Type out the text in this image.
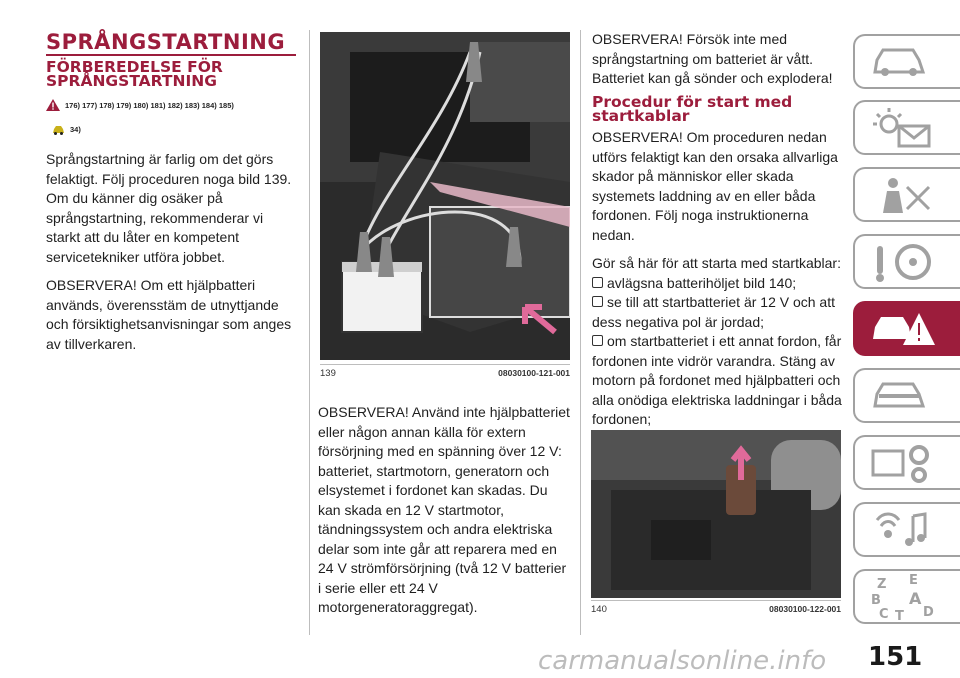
SPRÅNGSTARTNING
FÖRBEREDELSE FÖR
SPRÅNGSTARTNING
176) 177) 178) 179) 180) 181) 182) 183) 184) 185)
34)

Språngstartning är farlig om det görs felaktigt. Följ proceduren noga bild 139. Om du känner dig osäker på språngstartning, rekommenderar vi starkt att du låter en kompetent servicetekniker utföra jobbet.

OBSERVERA! Om ett hjälpbatteri används, överensstäm de utnyttjande och försiktighetsanvisningar som anges av tillverkaren.

139	08030100-121-001

OBSERVERA! Använd inte hjälpbatteriet eller någon annan källa för extern försörjning med en spänning över 12 V: batteriet, startmotorn, generatorn och elsystemet i fordonet kan skadas. Du kan skada en 12 V startmotor, tändningssystem och andra elektriska delar som inte går att reparera med en 24 V strömförsörjning (två 12 V batterier i serie eller ett 24 V motorgeneratoraggregat).

OBSERVERA! Försök inte med språngstartning om batteriet är vått. Batteriet kan gå sönder och explodera!

Procedur för start med
startkablar

OBSERVERA! Om proceduren nedan utförs felaktigt kan den orsaka allvarliga skador på människor eller skada systemets laddning av en eller båda fordonen. Följ noga instruktionerna nedan.

Gör så här för att starta med startkablar:

avlägsna batterihöljet bild 140;
se till att startbatteriet är 12 V och att dess negativa pol är jordad;
om startbatteriet i ett annat fordon, får fordonen inte vidrör varandra. Stäng av motorn på fordonet med hjälpbatteri och alla onödiga elektriska laddningar i båda fordonen;
140	08030100-122-001
Z E
B A
C T D
carmanualsonline.info 151
